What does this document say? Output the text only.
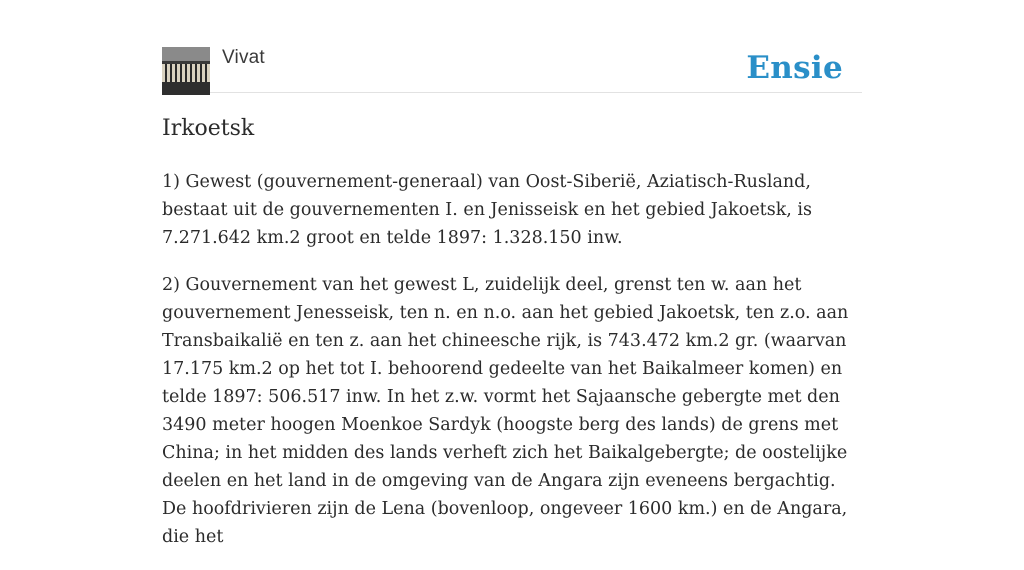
Vivat	Ensie
Irkoetsk

1) Gewest (gouvernement-generaal) van Oost-Siberië, Aziatisch-Rusland, bestaat uit de gouvernementen I. en Jenisseisk en het gebied Jakoetsk, is 7.271.642 km.2 groot en telde 1897: 1.328.150 inw.

2) Gouvernement van het gewest L, zuidelijk deel, grenst ten w. aan het gouvernement Jenesseisk, ten n. en n.o. aan het gebied Jakoetsk, ten z.o. aan Transbaikalië en ten z. aan het chineesche rijk, is 743.472 km.2 gr. (waarvan 17.175 km.2 op het tot I. behoorend gedeelte van het Baikalmeer komen) en telde 1897: 506.517 inw. In het z.w. vormt het Sajaansche gebergte met den 3490 meter hoogen Moenkoe Sardyk (hoogste berg des lands) de grens met China; in het midden des lands verheft zich het Baikalgebergte; de oostelijke deelen en het land in de omgeving van de Angara zijn eveneens bergachtig. De hoofdrivieren zijn de Lena (bovenloop, ongeveer 1600 km.) en de Angara, die het
